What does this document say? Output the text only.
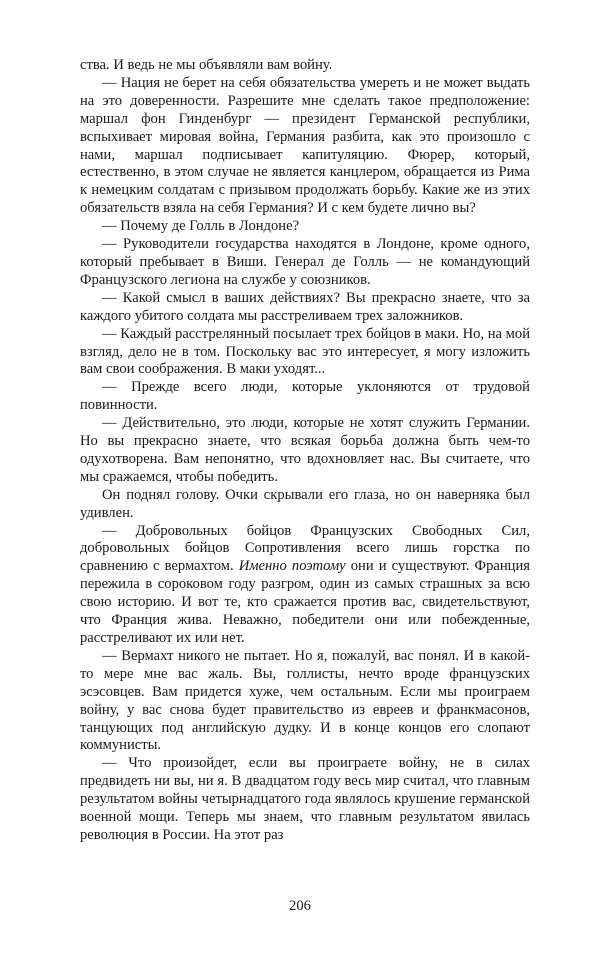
ства. И ведь не мы объявляли вам войну.

— Нация не берет на себя обязательства умереть и не может выдать на это доверенности. Разрешите мне сделать такое предположение: маршал фон Гинденбург — президент Германской республики, вспыхивает мировая война, Германия разбита, как это произошло с нами, маршал подписывает капитуляцию. Фюрер, который, естественно, в этом случае не является канцлером, обращается из Рима к немецким солдатам с призывом продолжать борьбу. Какие же из этих обязательств взяла на себя Германия? И с кем будете лично вы?

— Почему де Голль в Лондоне?

— Руководители государства находятся в Лондоне, кроме одного, который пребывает в Виши. Генерал де Голль — не командующий Французского легиона на службе у союзников.

— Какой смысл в ваших действиях? Вы прекрасно знаете, что за каждого убитого солдата мы расстреливаем трех заложников.

— Каждый расстрелянный посылает трех бойцов в маки. Но, на мой взгляд, дело не в том. Поскольку вас это интересует, я могу изложить вам свои соображения. В маки уходят...

— Прежде всего люди, которые уклоняются от трудовой повинности.

— Действительно, это люди, которые не хотят служить Германии. Но вы прекрасно знаете, что всякая борьба должна быть чем-то одухотворена. Вам непонятно, что вдохновляет нас. Вы считаете, что мы сражаемся, чтобы победить.

Он поднял голову. Очки скрывали его глаза, но он наверняка был удивлен.

— Добровольных бойцов Французских Свободных Сил, добровольных бойцов Сопротивления всего лишь горстка по сравнению с вермахтом. Именно поэтому они и существуют. Франция пережила в сороковом году разгром, один из самых страшных за всю свою историю. И вот те, кто сражается против вас, свидетельствуют, что Франция жива. Неважно, победители они или побежденные, расстреливают их или нет.

— Вермахт никого не пытает. Но я, пожалуй, вас понял. И в какой-то мере мне вас жаль. Вы, голлисты, нечто вроде французских эсэсовцев. Вам придется хуже, чем остальным. Если мы проиграем войну, у вас снова будет правительство из евреев и франкмасонов, танцующих под английскую дудку. И в конце концов его слопают коммунисты.

— Что произойдет, если вы проиграете войну, не в силах предвидеть ни вы, ни я. В двадцатом году весь мир считал, что главным результатом войны четырнадцатого года являлось крушение германской военной мощи. Теперь мы знаем, что главным результатом явилась революция в России. На этот раз

206
